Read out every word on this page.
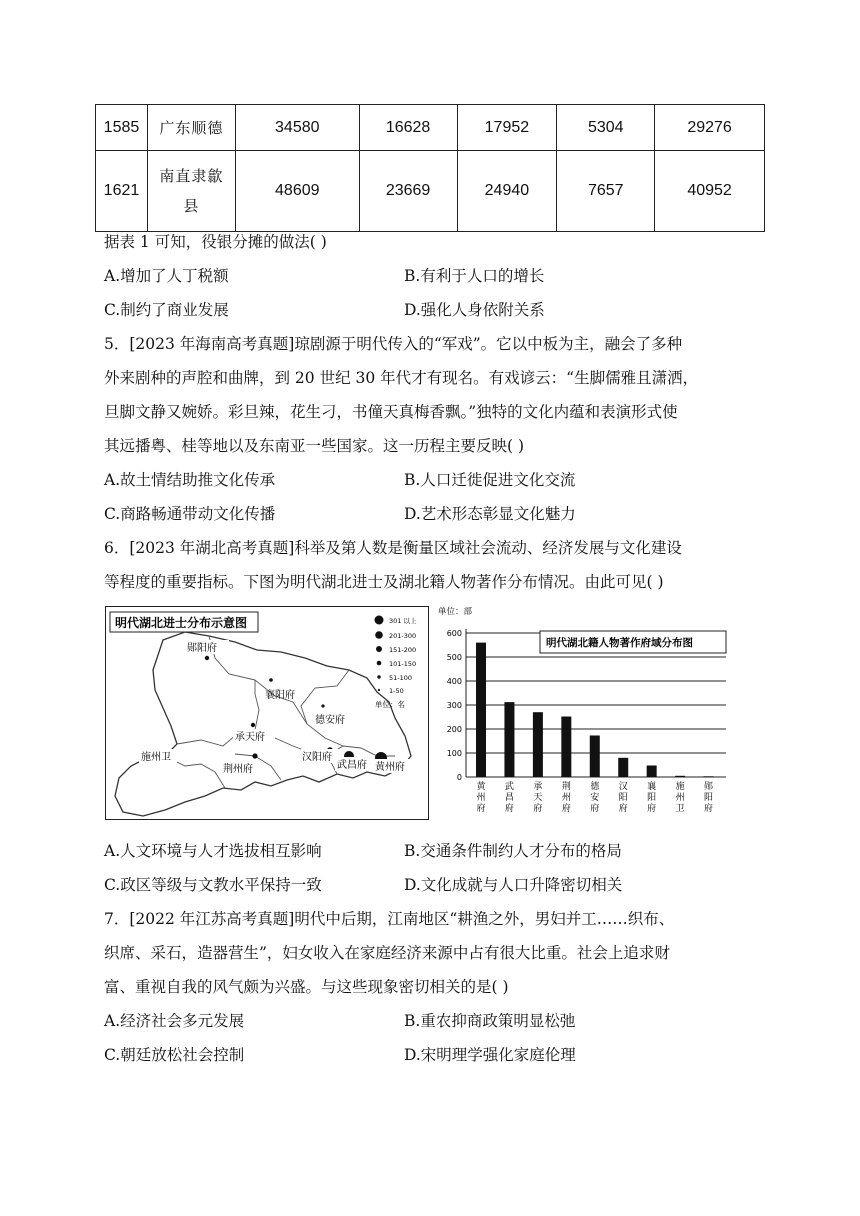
1585	广东顺德	34580	16628	17952	5304	29276
1621	南直隶歙县	48609	23669	24940	7657	40952
据表 1 可知，役银分摊的做法( )
A.增加了人丁税额	B.有利于人口的增长
C.制约了商业发展	D.强化人身依附关系
5．[2023 年海南高考真题]琼剧源于明代传入的“军戏”。它以中板为主，融会了多种
外来剧种的声腔和曲牌，到 20 世纪 30 年代才有现名。有戏谚云：“生脚儒雅且潇洒，
旦脚文静又婉娇。彩旦辣，花生刁，书僮天真梅香飘。”独特的文化内蕴和表演形式使
其远播粤、桂等地以及东南亚一些国家。这一历程主要反映( )
A.故土情结助推文化传承	B.人口迁徙促进文化交流
C.商路畅通带动文化传播	D.艺术形态彰显文化魅力
6．[2023 年湖北高考真题]科举及第人数是衡量区域社会流动、经济发展与文化建设
等程度的重要指标。下图为明代湖北进士及湖北籍人物著作分布情况。由此可见( )
明代湖北进士分布示意图	301 以上
201-300
151-200
101-150
51-100
1-50
单位：名
郧阳府
襄阳府
德安府
承天府
汉阳府
武昌府 黄州府
荆州府
施州卫
单位：部
0
100
200
300
400
500
600
黄
州
府
武
昌
府
承
天
府
荆
州
府
德
安
府
汉
阳
府
襄
阳
府
施
州
卫
郧
阳
府
明代湖北籍人物著作府域分布图
A.人文环境与人才选拔相互影响	B.交通条件制约人才分布的格局
C.政区等级与文教水平保持一致	D.文化成就与人口升降密切相关
7．[2022 年江苏高考真题]明代中后期，江南地区“耕渔之外，男妇并工……织布、
织席、采石，造器营生”，妇女收入在家庭经济来源中占有很大比重。社会上追求财
富、重视自我的风气颇为兴盛。与这些现象密切相关的是( )
A.经济社会多元发展	B.重农抑商政策明显松弛
C.朝廷放松社会控制	D.宋明理学强化家庭伦理
